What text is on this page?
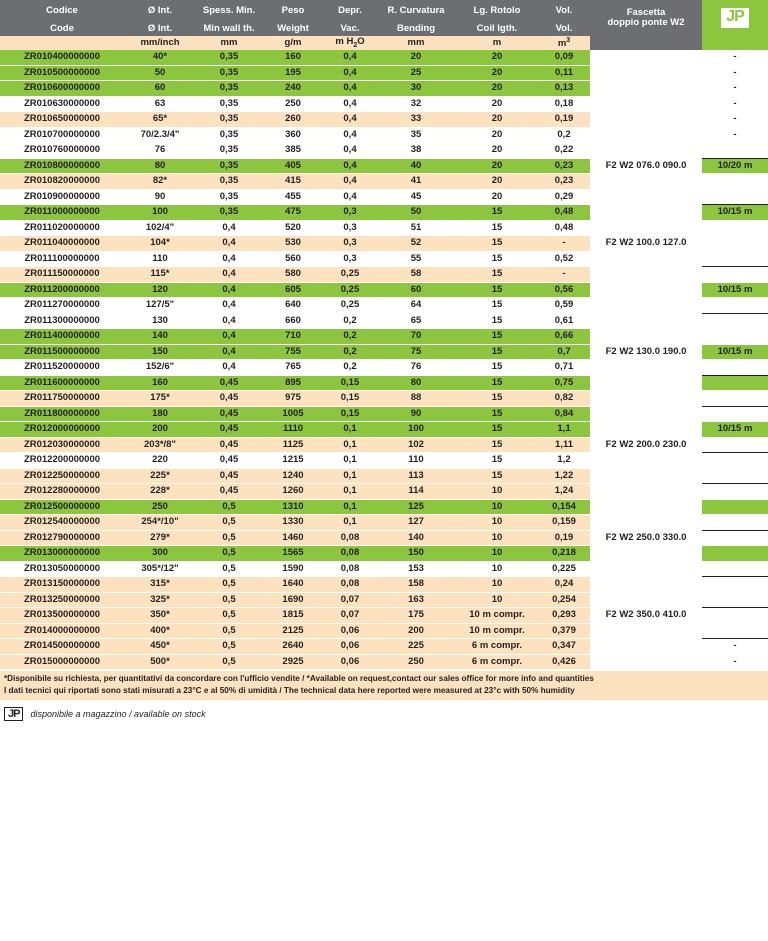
Codice	Ø Int.	Spess. Min.	Peso	Depr.	R. Curvatura	Lg. Rotolo	Vol.	Fascetta
doppio ponte W2	JP
Code	Ø Int.	Min wall th.	Weight	Vac.	Bending	Coil lgth.	Vol.		
	mm/inch	mm	g/m	m $H_2O$	mm	m	$m^3$		
ZR010400000000	40*	0,35	160	0,4	20	20	0,09		-
ZR010500000000	50	0,35	195	0,4	25	20	0,11		-
ZR010600000000	60	0,35	240	0,4	30	20	0,13		-
ZR010630000000	63	0,35	250	0,4	32	20	0,18		-
ZR010650000000	65*	0,35	260	0,4	33	20	0,19		-
ZR010700000000	70/2.3/4"	0,35	360	0,4	35	20	0,2		-
ZR010760000000	76	0,35	385	0,4	38	20	0,22		
ZR010800000000	80	0,35	405	0,4	40	20	0,23	F2 W2 076.0 090.0	10/20 m
ZR010820000000	82*	0,35	415	0,4	41	20	0,23		
ZR010900000000	90	0,35	455	0,4	45	20	0,29		
ZR011000000000	100	0,35	475	0,3	50	15	0,48		10/15 m
ZR011020000000	102/4"	0,4	520	0,3	51	15	0,48		
ZR011040000000	104*	0,4	530	0,3	52	15	-	F2 W2 100.0 127.0	
ZR011100000000	110	0,4	560	0,3	55	15	0,52		
ZR011150000000	115*	0,4	580	0,25	58	15	-		
ZR011200000000	120	0,4	605	0,25	60	15	0,56		10/15 m
ZR011270000000	127/5"	0,4	640	0,25	64	15	0,59		
ZR011300000000	130	0,4	660	0,2	65	15	0,61		
ZR011400000000	140	0,4	710	0,2	70	15	0,66		
ZR011500000000	150	0,4	755	0,2	75	15	0,7	F2 W2 130.0 190.0	10/15 m
ZR011520000000	152/6"	0,4	765	0,2	76	15	0,71		
ZR011600000000	160	0,45	895	0,15	80	15	0,75		
ZR011750000000	175*	0,45	975	0,15	88	15	0,82		
ZR011800000000	180	0,45	1005	0,15	90	15	0,84		
ZR012000000000	200	0,45	1110	0,1	100	15	1,1		10/15 m
ZR012030000000	203*/8"	0,45	1125	0,1	102	15	1,11	F2 W2 200.0 230.0	
ZR012200000000	220	0,45	1215	0,1	110	15	1,2		
ZR012250000000	225*	0,45	1240	0,1	113	15	1,22		
ZR012280000000	228*	0,45	1260	0,1	114	10	1,24		
ZR012500000000	250	0,5	1310	0,1	125	10	0,154		
ZR012540000000	254*/10"	0,5	1330	0,1	127	10	0,159		
ZR012790000000	279*	0,5	1460	0,08	140	10	0,19	F2 W2 250.0 330.0	
ZR013000000000	300	0,5	1565	0,08	150	10	0,218		
ZR013050000000	305*/12"	0,5	1590	0,08	153	10	0,225		
ZR013150000000	315*	0,5	1640	0,08	158	10	0,24		
ZR013250000000	325*	0,5	1690	0,07	163	10	0,254		
ZR013500000000	350*	0,5	1815	0,07	175	10 m compr.	0,293	F2 W2 350.0 410.0	
ZR014000000000	400*	0,5	2125	0,06	200	10 m compr.	0,379		
ZR014500000000	450*	0,5	2640	0,06	225	6 m compr.	0,347		-
ZR015000000000	500*	0,5	2925	0,06	250	6 m compr.	0,426		-
*Disponibile su richiesta, per quantitativi da concordare con l'ufficio vendite / *Available on request,contact our sales office for more info and quantities
I dati tecnici qui riportati sono stati misurati a 23°C e al 50% di umidità / The technical data here reported were measured at 23°c with 50% humidity
JP	disponibile a magazzino / available on stock
